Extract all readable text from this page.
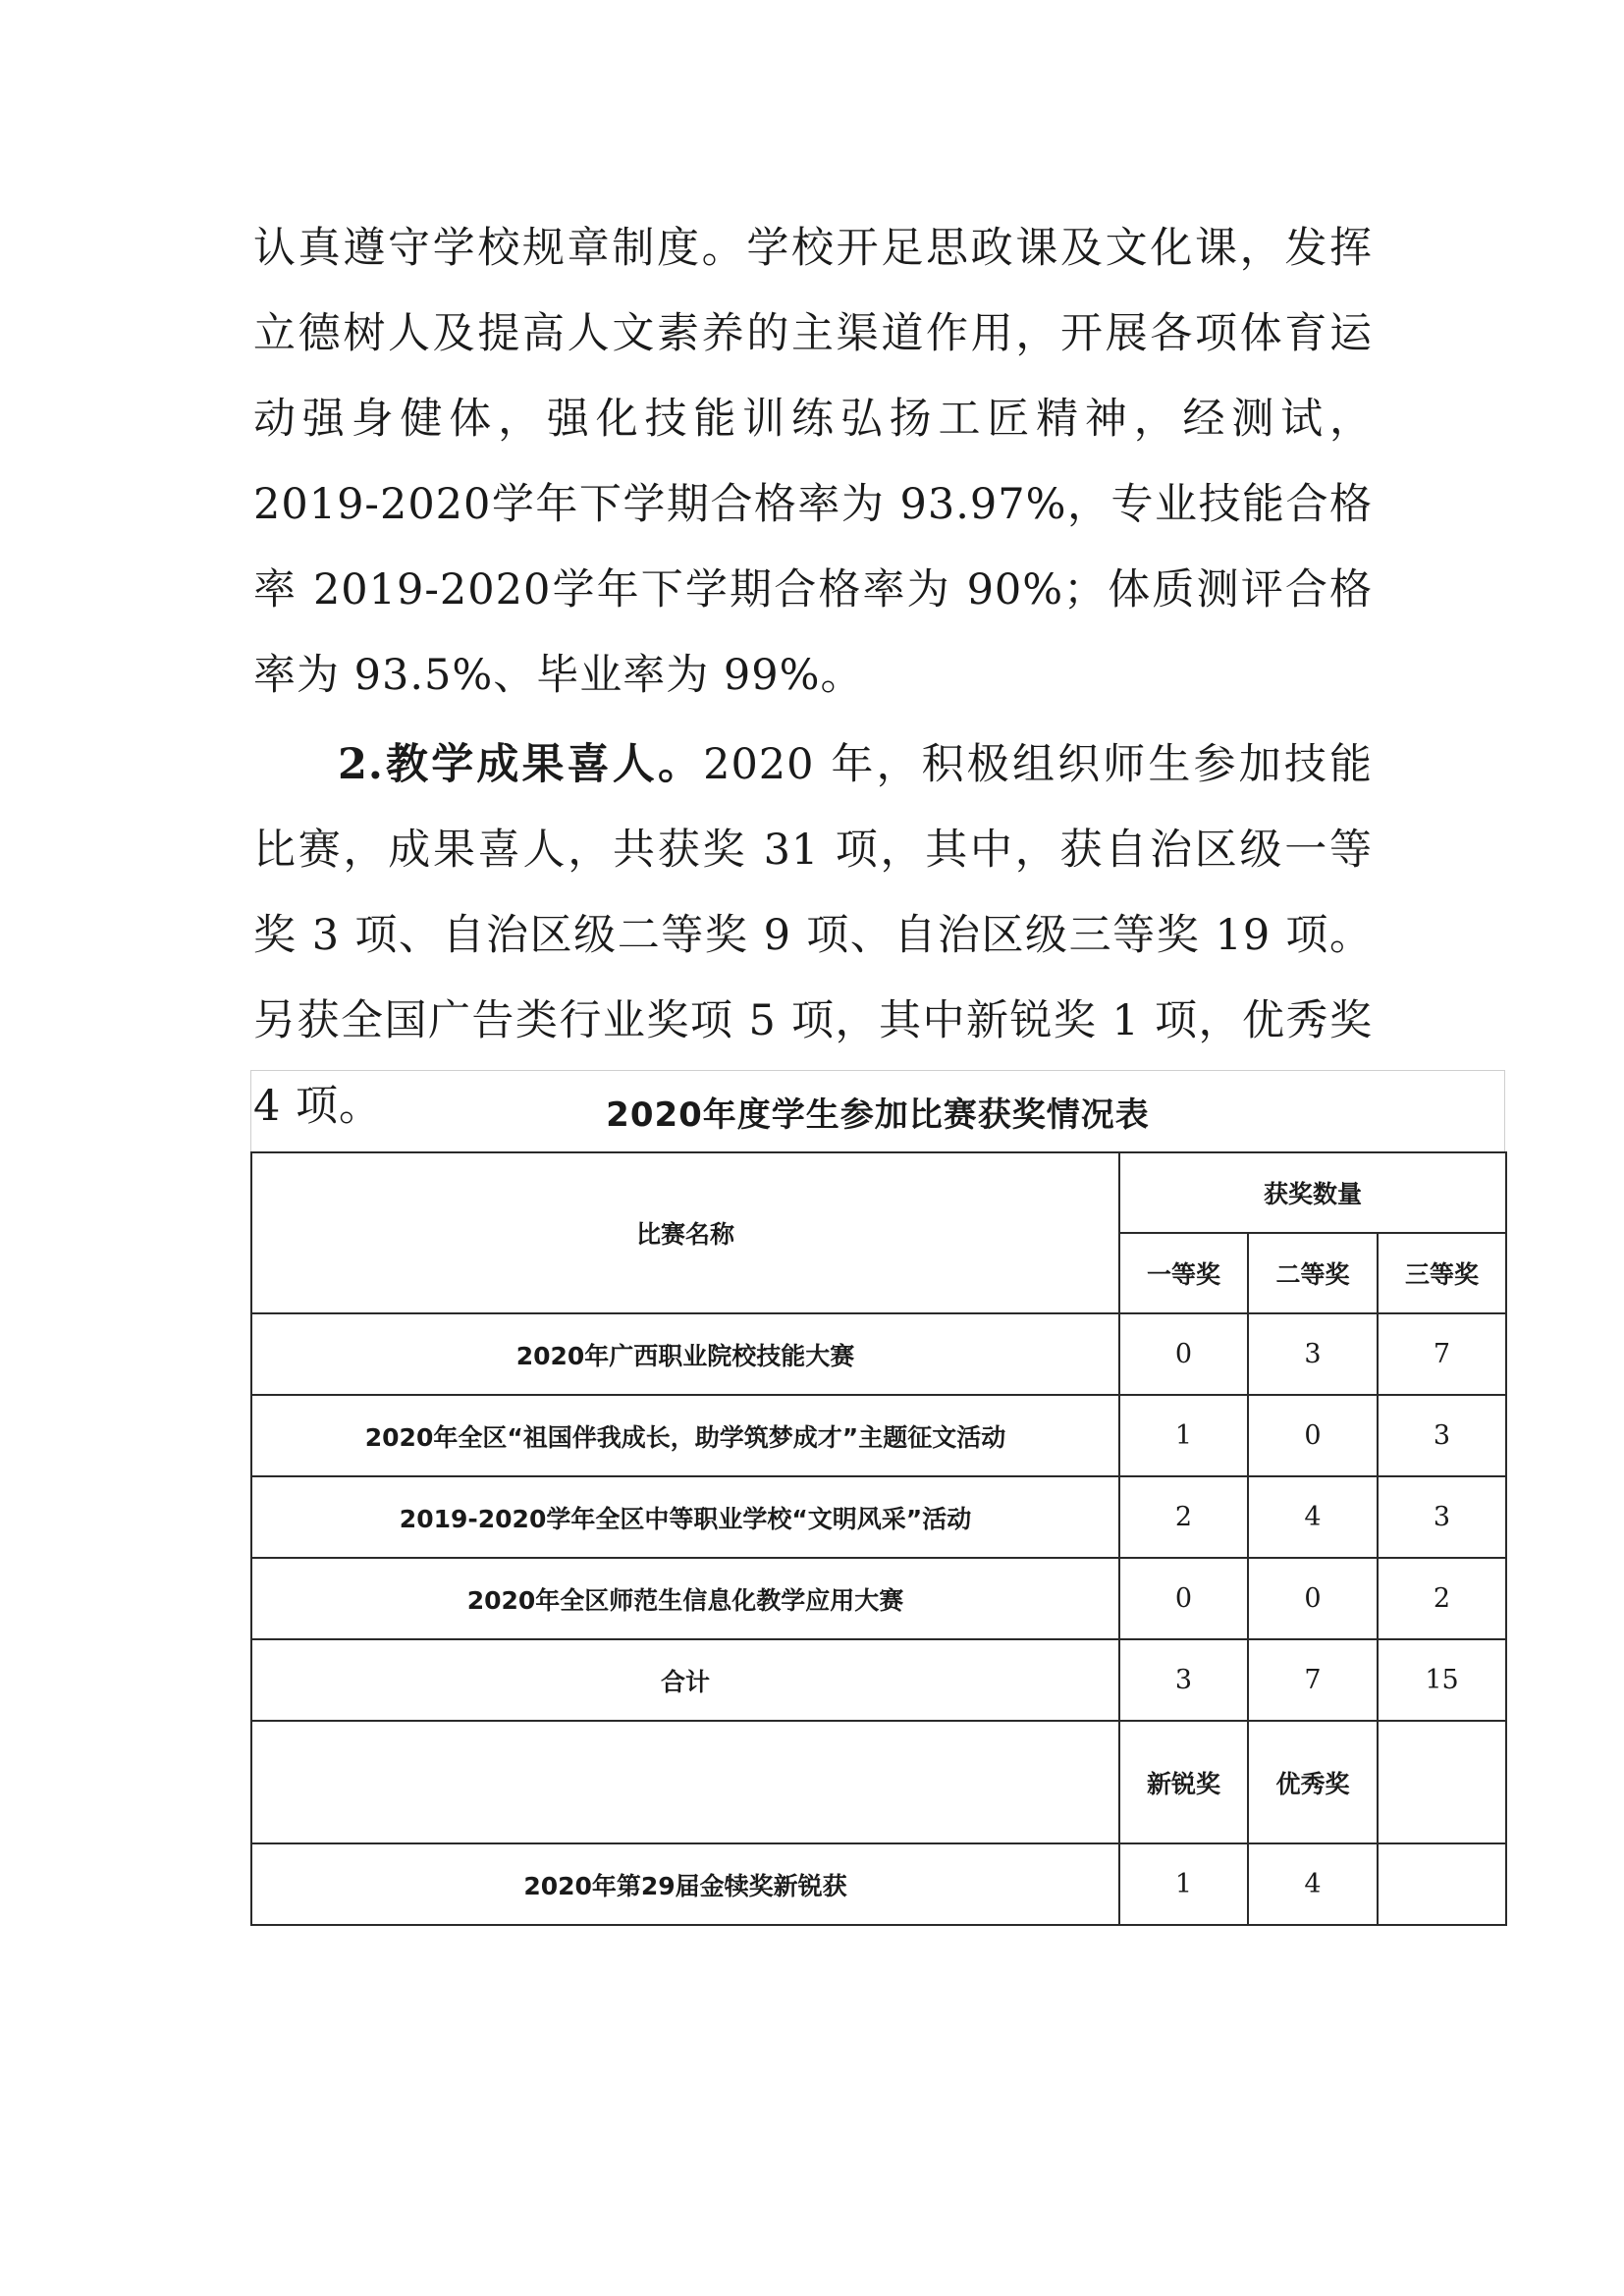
认真遵守学校规章制度。学校开足思政课及文化课，发挥立德树人及提高人文素养的主渠道作用，开展各项体育运动强身健体，强化技能训练弘扬工匠精神，经测试，2019-2020学年下学期合格率为 93.97%，专业技能合格率 2019-2020学年下学期合格率为 90%；体质测评合格率为 93.5%、毕业率为 99%。

2.教学成果喜人。2020 年，积极组织师生参加技能比赛，成果喜人，共获奖 31 项，其中，获自治区级一等奖 3 项、自治区级二等奖 9 项、自治区级三等奖 19 项。另获全国广告类行业奖项 5 项，其中新锐奖 1 项，优秀奖 4 项。	2020年度学生参加比赛获奖情况表
比赛名称	获奖数量		
	一等奖	二等奖	三等奖
2020年广西职业院校技能大赛	0	3	7
2020年全区“祖国伴我成长，助学筑梦成才”主题征文活动	1	0	3
2019-2020学年全区中等职业学校“文明风采”活动	2	4	3
2020年全区师范生信息化教学应用大赛	0	0	2
合计	3	7	15
	新锐奖	优秀奖	
2020年第29届金犊奖新锐获	1	4	
